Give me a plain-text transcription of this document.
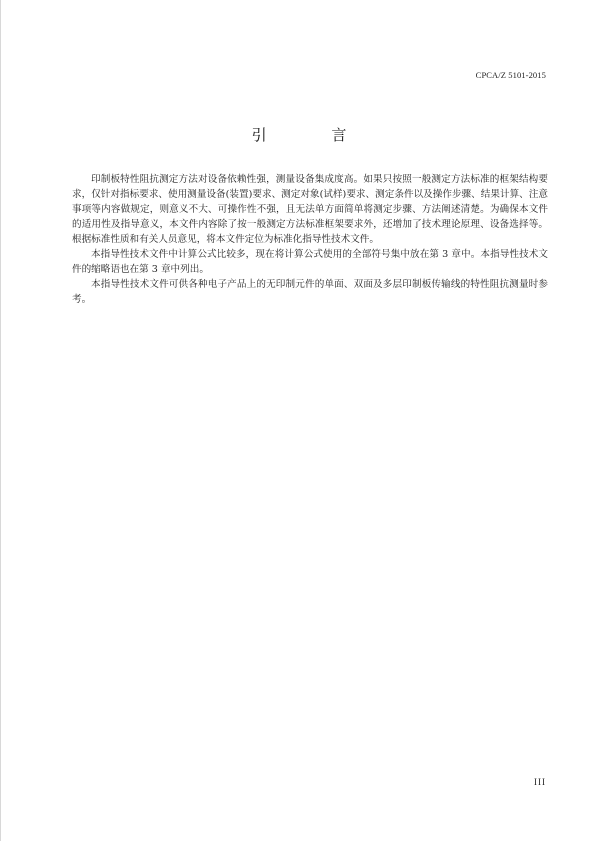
CPCA/Z 5101-2015
引 言

印制板特性阻抗测定方法对设备依赖性强，测量设备集成度高。如果只按照一般测定方法标准的框架结构要求，仅针对指标要求、使用测量设备(装置)要求、测定对象(试样)要求、测定条件以及操作步骤、结果计算、注意事项等内容做规定，则意义不大、可操作性不强，且无法单方面简单将测定步骤、方法阐述清楚。为确保本文件的适用性及指导意义，本文件内容除了按一般测定方法标准框架要求外，还增加了技术理论原理、设备选择等。根据标准性质和有关人员意见，将本文件定位为标准化指导性技术文件。

本指导性技术文件中计算公式比较多，现在将计算公式使用的全部符号集中放在第 3 章中。本指导性技术文件的缩略语也在第 3 章中列出。

本指导性技术文件可供各种电子产品上的无印制元件的单面、双面及多层印制板传输线的特性阻抗测量时参考。

III
